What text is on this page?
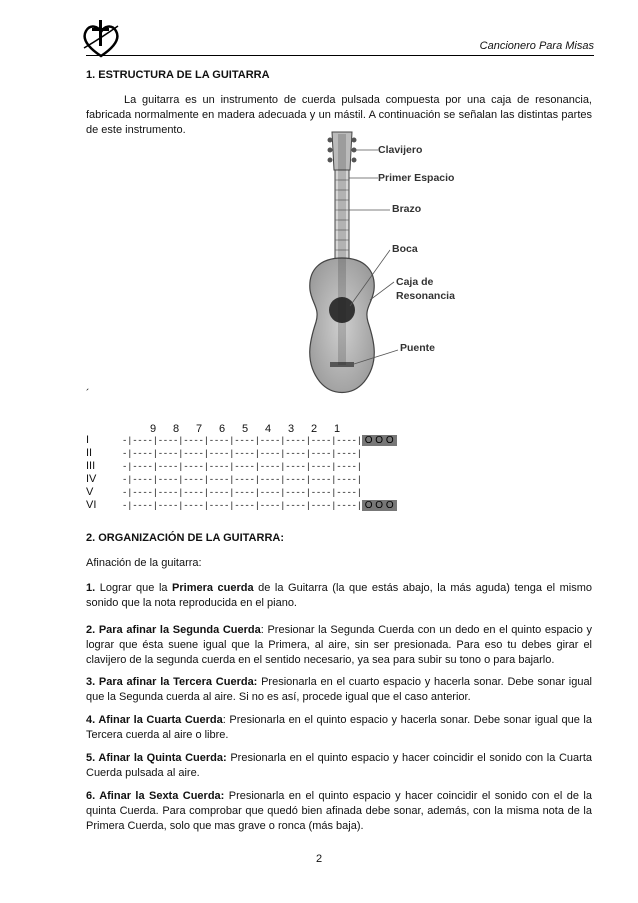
Cancionero Para Misas
1. ESTRUCTURA DE LA GUITARRA

La guitarra es un instrumento de cuerda pulsada compuesta por una caja de resonancia, fabricada normalmente en madera adecuada y un mástil. A continuación se señalan las distintas partes de este instrumento.

Clavijero
Primer Espacio
Brazo
Boca
Caja de
Resonancia
Puente
´
9 8 7 6 5 4 3 2 1
I	-|----|----|----|----|----|----|----|----|----| O O O
II	-|----|----|----|----|----|----|----|----|----|
III	-|----|----|----|----|----|----|----|----|----|
IV	-|----|----|----|----|----|----|----|----|----|
V	-|----|----|----|----|----|----|----|----|----|
VI	-|----|----|----|----|----|----|----|----|----| O O O
2. ORGANIZACIÓN DE LA GUITARRA:
Afinación de la guitarra:

1. Lograr que la Primera cuerda de la Guitarra (la que estás abajo, la más aguda) tenga el mismo sonido que la nota reproducida en el piano.

2. Para afinar la Segunda Cuerda: Presionar la Segunda Cuerda con un dedo en el quinto espacio y lograr que ésta suene igual que la Primera, al aire, sin ser presionada. Para eso tu debes girar el clavijero de la segunda cuerda en el sentido necesario, ya sea para subir su tono o para bajarlo.

3. Para afinar la Tercera Cuerda: Presionarla en el cuarto espacio y hacerla sonar. Debe sonar igual que la Segunda cuerda al aire. Si no es así, procede igual que el caso anterior.

4. Afinar la Cuarta Cuerda: Presionarla en el quinto espacio y hacerla sonar. Debe sonar igual que la Tercera cuerda al aire o libre.

5. Afinar la Quinta Cuerda: Presionarla en el quinto espacio y hacer coincidir el sonido con la Cuarta Cuerda pulsada al aire.

6. Afinar la Sexta Cuerda: Presionarla en el quinto espacio y hacer coincidir el sonido con el de la quinta Cuerda. Para comprobar que quedó bien afinada debe sonar, además, con la misma nota de la Primera Cuerda, solo que mas grave o ronca (más baja).

2
